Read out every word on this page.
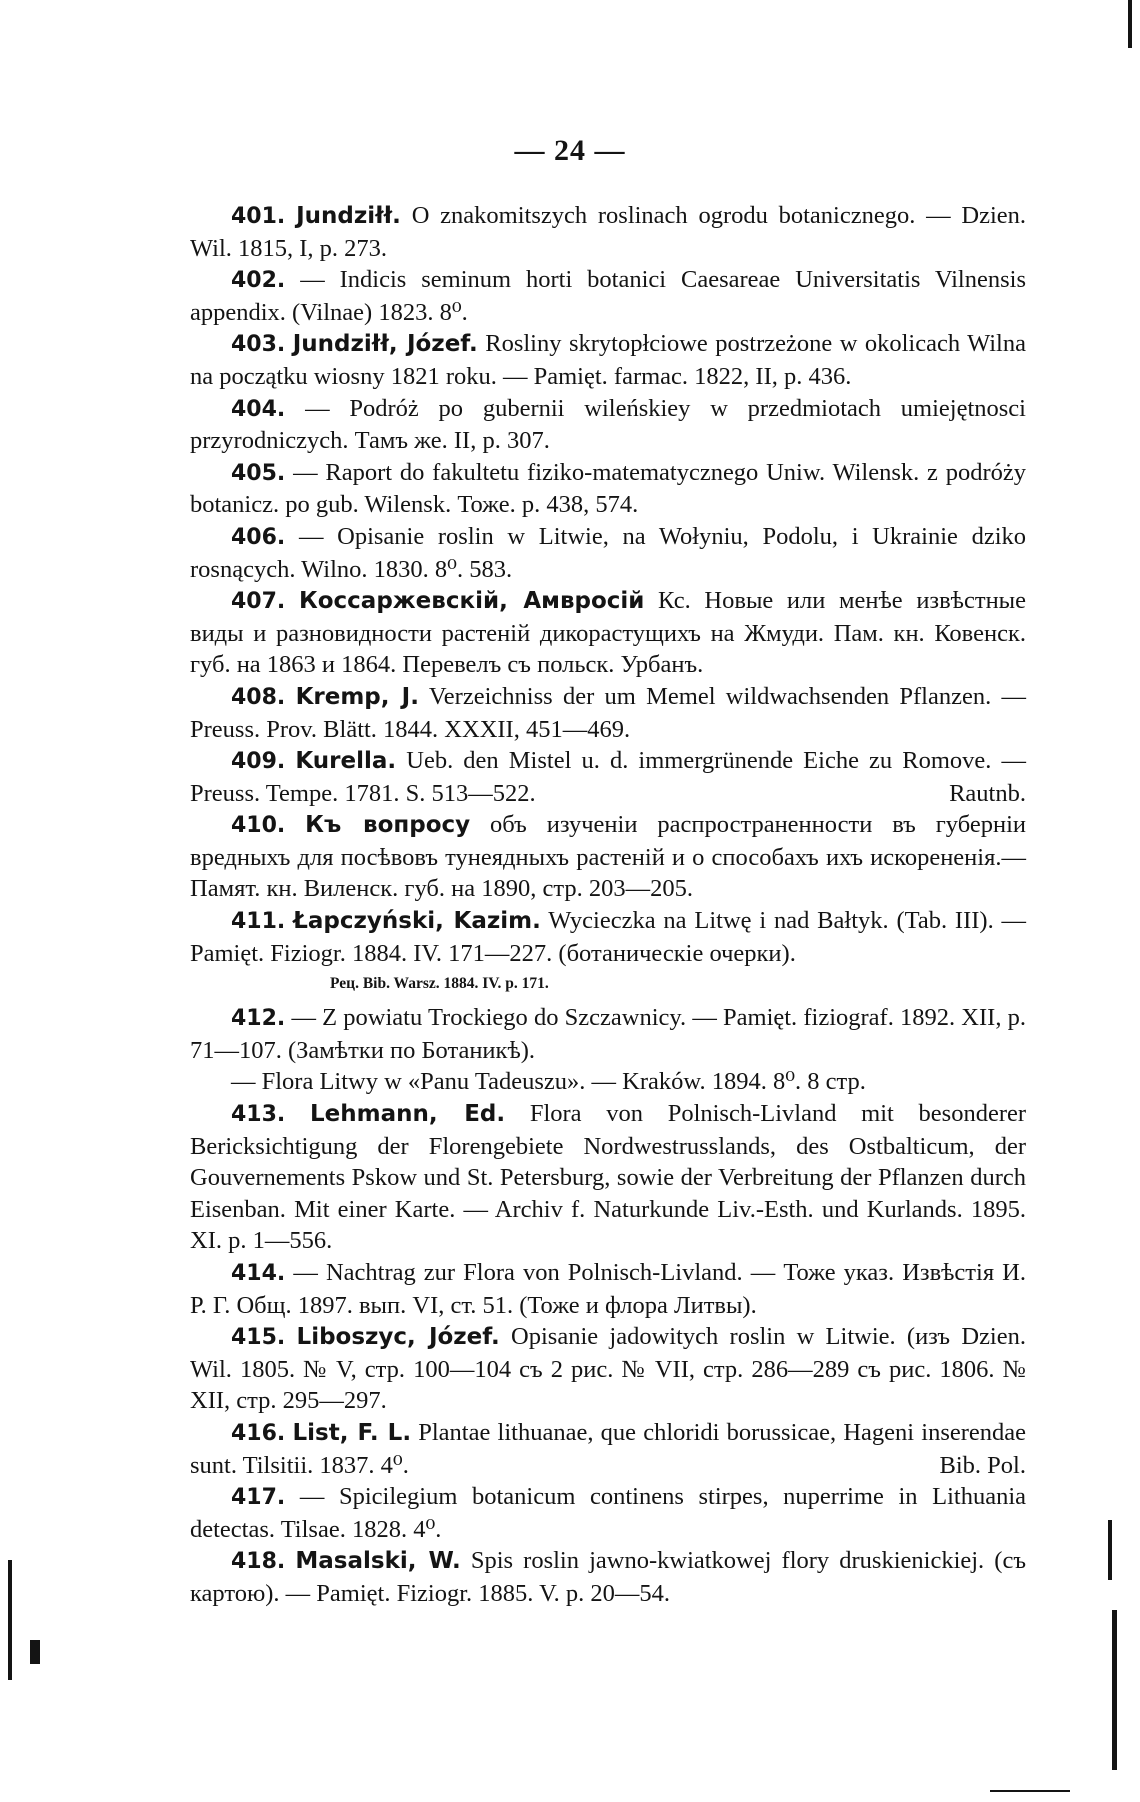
— 24 —

401. Jundziłł. O znakomitszych roslinach ogrodu botanicznego. — Dzien. Wil. 1815, I, p. 273.

402. — Indicis seminum horti botanici Caesareae Universitatis Vilnensis appendix. (Vilnae) 1823. 8⁰.

403. Jundziłł, Józef. Rosliny skrytopłciowe postrzeżone w okolicach Wilna na początku wiosny 1821 roku. — Pamięt. farmac. 1822, II, p. 436.

404. — Podróż po gubernii wileńskiey w przedmiotach umiejętnosci przyrodniczych. Тамъ же. II, p. 307.

405. — Raport do fakultetu fiziko-matematycznego Uniw. Wilensk. z podróżу botanicz. po gub. Wilensk. Тоже. p. 438, 574.

406. — Opisanie roslin w Litwie, na Wołyniu, Podolu, i Ukrainie dziko rosnących. Wilno. 1830. 8⁰. 583.

407. Коссаржевскій, Амвросій Кс. Новые или менѣе извѣстные виды и разновидности растеній дикорастущихъ на Жмуди. Пам. кн. Ковенск. губ. на 1863 и 1864. Перевелъ съ польск. Урбанъ.

408. Kremp, J. Verzeichniss der um Memel wildwachsenden Pflanzen. — Preuss. Prov. Blätt. 1844. XXXII, 451—469.

409. Kurella. Ueb. den Mistel u. d. immergrünende Eiche zu Romove. — Preuss. Tempe. 1781. S. 513—522.	Rautnb.

410. Къ вопросу объ изученіи распространенности въ губерніи вредныхъ для посѣвовъ тунеядныхъ растеній и о способахъ ихъ искорененія.—Памят. кн. Виленск. губ. на 1890, стр. 203—205.

411. Łapczyński, Kazim. Wycieczka na Litwę i nad Bałtyk. (Tab. III). — Pamięt. Fiziogr. 1884. IV. 171—227. (ботаническіе очерки).

Рец. Bib. Warsz. 1884. IV. p. 171.

412. — Z powiatu Trockiego do Szczawnicy. — Pamięt. fiziograf. 1892. XII, p. 71—107. (Замѣтки по Ботаникѣ).

— Flora Litwy w «Panu Tadeuszu». — Kraków. 1894. 8⁰. 8 стр.

413. Lehmann, Ed. Flora von Polnisch-Livland mit besonderer Bericksichtigung der Florengebiete Nordwestrusslands, des Ostbalticum, der Gouvernements Pskow und St. Petersburg, sowie der Verbreitung der Pflanzen durch Eisenban. Mit einer Karte. — Archiv f. Naturkunde Liv.-Esth. und Kurlands. 1895. XI. p. 1—556.

414. — Nachtrag zur Flora von Polnisch-Livland. — Тоже указ. Извѣстія И. Р. Г. Общ. 1897. вып. VI, ст. 51. (Тоже и флора Литвы).

415. Liboszyc, Józef. Opisanie jadowitych roslin w Litwie. (изъ Dzien. Wil. 1805. № V, стр. 100—104 съ 2 рис. № VII, стр. 286—289 съ рис. 1806. № XII, стр. 295—297.

416. List, F. L. Plantae lithuanae, que chloridi borussicae, Hageni inserendae sunt. Tilsitii. 1837. 4⁰.	Bib. Pol.

417. — Spicilegium botanicum continens stirpes, nuperrime in Lithuania detectas. Tilsae. 1828. 4⁰.

418. Masalski, W. Spis roslin jawno-kwiatkowej flory druskienickiej. (съ картою). — Pamięt. Fiziogr. 1885. V. p. 20—54.
